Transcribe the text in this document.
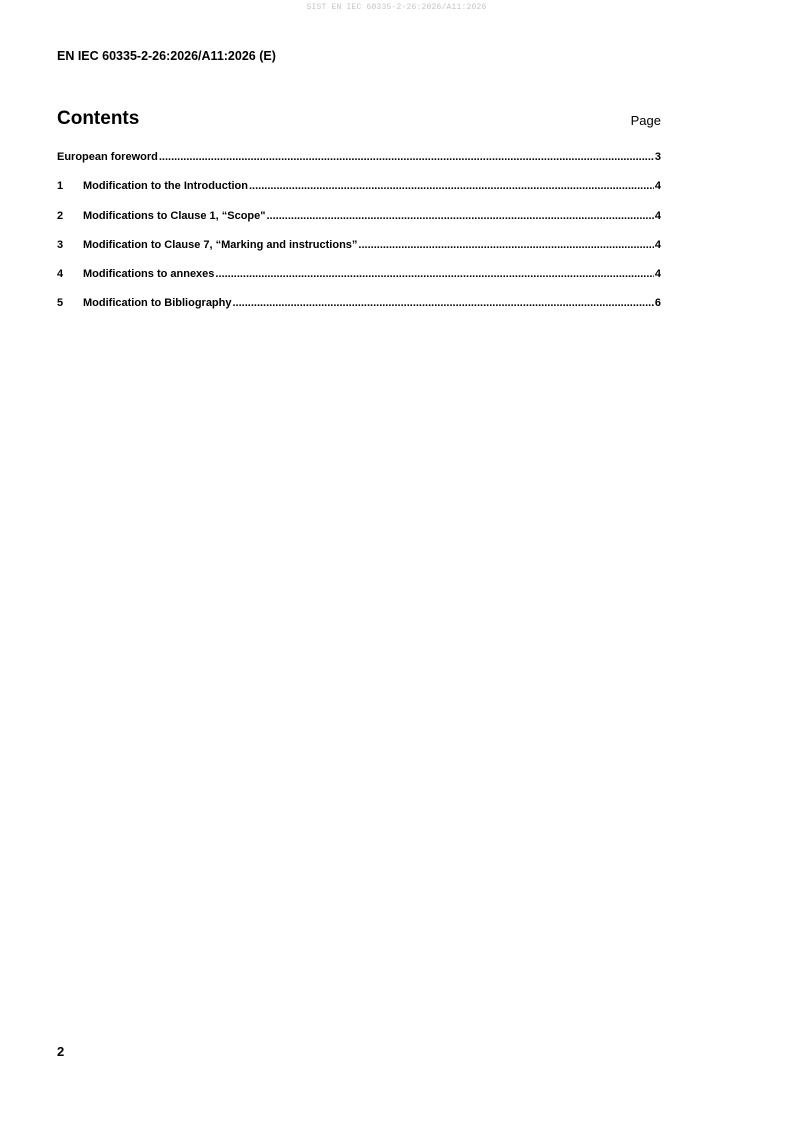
SIST EN IEC 60335-2-26:2026/A11:2026
EN IEC 60335-2-26:2026/A11:2026 (E)
Contents	Page
European foreword .....	3
1	Modification to the Introduction .....	4
2	Modifications to Clause 1, “Scope" .....	4
3	Modification to Clause 7, “Marking and instructions” .....	4
4	Modifications to annexes .....	4
5	Modification to Bibliography .....	6
2
